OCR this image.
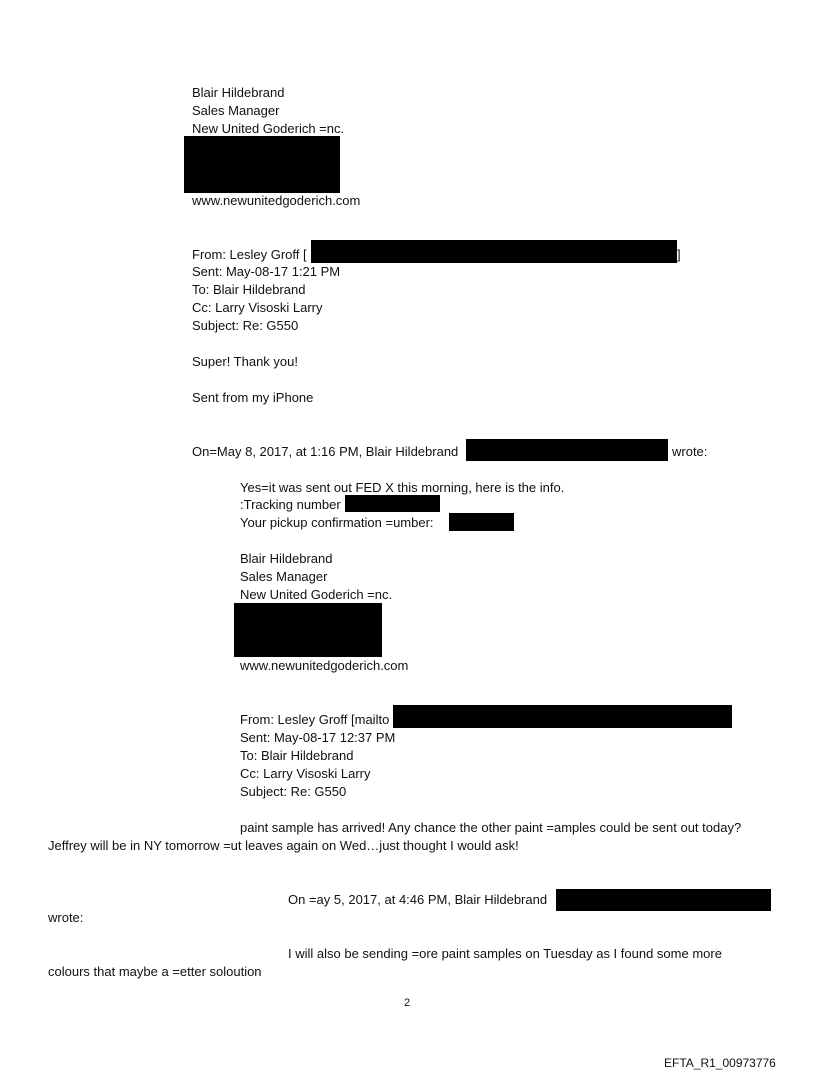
Blair Hildebrand
Sales Manager
New United Goderich =nc.
www.newunitedgoderich.com
From: Lesley Groff [	]
Sent: May-08-17 1:21 PM
To: Blair Hildebrand
Cc: Larry Visoski Larry
Subject: Re: G550
Super! Thank you!
Sent from my iPhone
On=May 8, 2017, at 1:16 PM, Blair Hildebrand	wrote:
Yes=it was sent out FED X this morning, here is the info.
:Tracking number
Your pickup confirmation =umber:
Blair Hildebrand
Sales Manager
New United Goderich =nc.
www.newunitedgoderich.com
From: Lesley Groff [mailto
Sent: May-08-17 12:37 PM
To: Blair Hildebrand
Cc: Larry Visoski Larry
Subject: Re: G550
paint sample has arrived! Any chance the other paint =amples could be sent out today?
Jeffrey will be in NY tomorrow =ut leaves again on Wed…just thought I would ask!
On =ay 5, 2017, at 4:46 PM, Blair Hildebrand
wrote:
I will also be sending =ore paint samples on Tuesday as I found some more
colours that maybe a =etter soloution
2
EFTA_R1_00973776
